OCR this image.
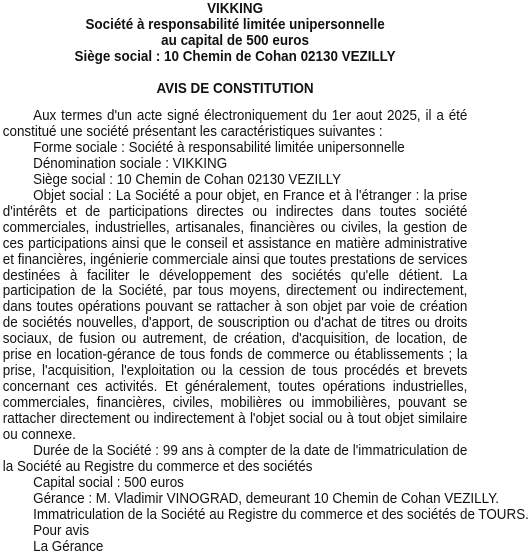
VIKKING

Société à responsabilité limitée unipersonnelle

au capital de 500 euros

Siège social : 10 Chemin de Cohan 02130 VEZILLY

AVIS DE CONSTITUTION

Aux termes d'un acte signé électroniquement du 1er aout 2025, il a été constitué une société présentant les caractéristiques suivantes :

Forme sociale : Société à responsabilité limitée unipersonnelle

Dénomination sociale : VIKKING

Siège social : 10 Chemin de Cohan 02130 VEZILLY

Objet social : La Société a pour objet, en France et à l'étranger : la prise d'intérêts et de participations directes ou indirectes dans toutes société commerciales, industrielles, artisanales, financières ou civiles, la gestion de ces participations ainsi que le conseil et assistance en matière administrative et financières, ingénierie commerciale ainsi que toutes prestations de services destinées à faciliter le développement des sociétés qu'elle détient. La participation de la Société, par tous moyens, directement ou indirectement, dans toutes opérations pouvant se rattacher à son objet par voie de création de sociétés nouvelles, d'apport, de souscription ou d'achat de titres ou droits sociaux, de fusion ou autrement, de création, d'acquisition, de location, de prise en location-gérance de tous fonds de commerce ou établissements ; la prise, l'acquisition, l'exploitation ou la cession de tous procédés et brevets concernant ces activités. Et généralement, toutes opérations industrielles, commerciales, financières, civiles, mobilières ou immobilières, pouvant se rattacher directement ou indirectement à l'objet social ou à tout objet similaire ou connexe.

Durée de la Société : 99 ans à compter de la date de l'immatriculation de la Société au Registre du commerce et des sociétés

Capital social : 500 euros

Gérance : M. Vladimir VINOGRAD, demeurant 10 Chemin de Cohan VEZILLY.

Immatriculation de la Société au Registre du commerce et des sociétés de TOURS.

Pour avis

La Gérance
